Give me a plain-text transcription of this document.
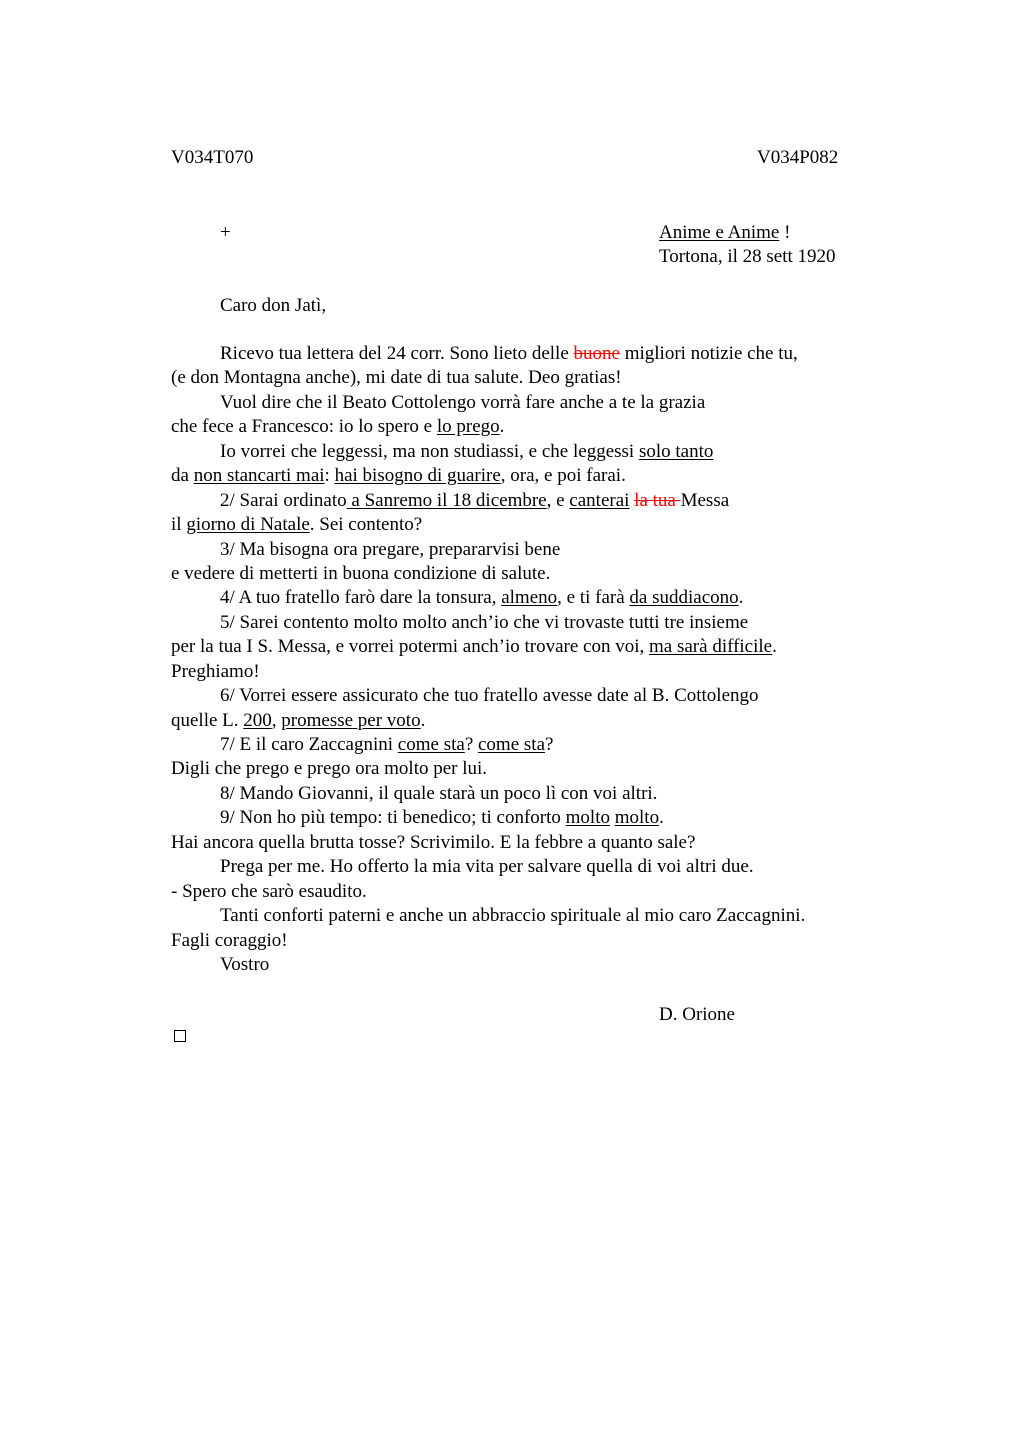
V034T070	V034P082
+	Anime e Anime !
Tortona, il 28 sett 1920
Caro don Jatì,
Ricevo tua lettera del 24 corr. Sono lieto delle buone migliori notizie che tu,
(e don Montagna anche), mi date di tua salute. Deo gratias!
Vuol dire che il Beato Cottolengo vorrà fare anche a te la grazia
che fece a Francesco: io lo spero e lo prego.
Io vorrei che leggessi, ma non studiassi, e che leggessi solo tanto
da non stancarti mai: hai bisogno di guarire, ora, e poi farai.
2/ Sarai ordinato a Sanremo il 18 dicembre, e canterai la tua Messa
il giorno di Natale. Sei contento?
3/ Ma bisogna ora pregare, prepararvisi bene
e vedere di metterti in buona condizione di salute.
4/ A tuo fratello farò dare la tonsura, almeno, e ti farà da suddiacono.
5/ Sarei contento molto molto anch’io che vi trovaste tutti tre insieme
per la tua I S. Messa, e vorrei potermi anch’io trovare con voi, ma sarà difficile.
Preghiamo!
6/ Vorrei essere assicurato che tuo fratello avesse date al B. Cottolengo
quelle L. 200, promesse per voto.
7/ E il caro Zaccagnini come sta? come sta?
Digli che prego e prego ora molto per lui.
8/ Mando Giovanni, il quale starà un poco lì con voi altri.
9/ Non ho più tempo: ti benedico; ti conforto molto molto.
Hai ancora quella brutta tosse? Scrivimilo. E la febbre a quanto sale?
Prega per me. Ho offerto la mia vita per salvare quella di voi altri due.
- Spero che sarò esaudito.
Tanti conforti paterni e anche un abbraccio spirituale al mio caro Zaccagnini.
Fagli coraggio!
Vostro
D. Orione
